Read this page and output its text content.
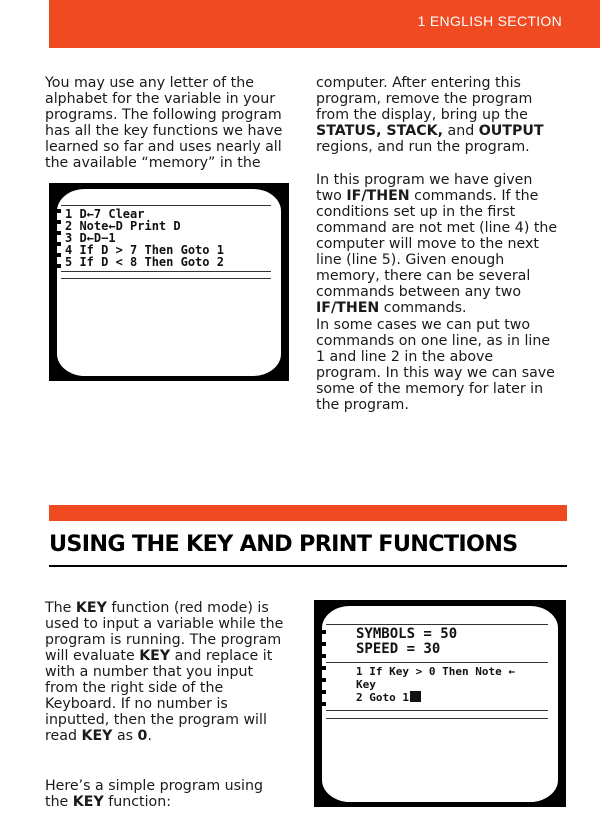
1 ENGLISH SECTION

You may use any letter of the alphabet for the variable in your programs. The following program has all the key functions we have learned so far and uses nearly all the available “memory” in the

1 D←7 Clear
2 Note←D Print D
3 D←D−1
4 If D > 7 Then Goto 1
5 If D < 8 Then Goto 2

computer. After entering this program, remove the program from the display, bring up the STATUS, STACK, and OUTPUT regions, and run the program.

In this program we have given two IF/THEN commands. If the conditions set up in the first command are not met (line 4) the computer will move to the next line (line 5). Given enough memory, there can be several commands between any two IF/THEN commands.

In some cases we can put two commands on one line, as in line 1 and line 2 in the above program. In this way we can save some of the memory for later in the program.

USING THE KEY AND PRINT FUNCTIONS

The KEY function (red mode) is used to input a variable while the program is running. The program will evaluate KEY and replace it with a number that you input from the right side of the Keyboard. If no number is inputted, then the program will read KEY as 0.

Here’s a simple program using the KEY function:

SYMBOLS = 50
SPEED = 30
1 If Key > 0 Then Note ←
Key
2 Goto 1
